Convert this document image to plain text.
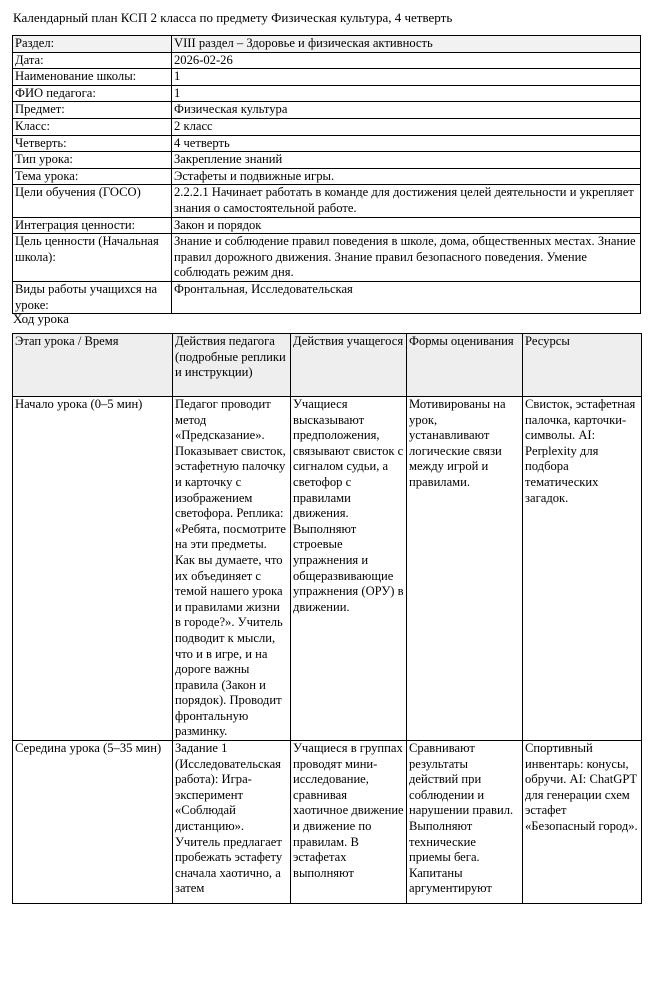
Календарный план КСП 2 класса по предмету Физическая культура, 4 четверть
Раздел:	VIII раздел – Здоровье и физическая активность
Дата:	2026-02-26
Наименование школы:	1
ФИО педагога:	1
Предмет:	Физическая культура
Класс:	2 класс
Четверть:	4 четверть
Тип урока:	Закрепление знаний
Тема урока:	Эстафеты и подвижные игры.
Цели обучения (ГОСО)	2.2.2.1 Начинает работать в команде для достижения целей деятельности и укрепляет знания о самостоятельной работе.
Интеграция ценности:	Закон и порядок
Цель ценности (Начальная школа):	Знание и соблюдение правил поведения в школе, дома, общественных местах. Знание правил дорожного движения. Знание правил безопасного поведения. Умение соблюдать режим дня.
Виды работы учащихся на уроке:	Фронтальная, Исследовательская
Ход урока
Этап урока / Время	Действия педагога (подробные реплики и инструкции)	Действия учащегося	Формы оценивания	Ресурсы

Начало урока (0–5 мин)	Педагог проводит метод «Предсказание». Показывает свисток, эстафетную палочку и карточку с изображением светофора. Реплика: «Ребята, посмотрите на эти предметы. Как вы думаете, что их объединяет с темой нашего урока и правилами жизни в городе?». Учитель подводит к мысли, что и в игре, и на дороге важны правила (Закон и порядок). Проводит фронтальную разминку.	Учащиеся высказывают предположения, связывают свисток с сигналом судьи, а светофор с правилами движения. Выполняют строевые упражнения и общеразвивающие упражнения (ОРУ) в движении.	Мотивированы на урок, устанавливают логические связи между игрой и правилами.	Свисток, эстафетная палочка, карточки-символы. AI: Perplexity для подбора тематических загадок.

Середина урока (5–35 мин)	Задание 1 (Исследовательская работа): Игра-эксперимент «Соблюдай дистанцию». Учитель предлагает пробежать эстафету сначала хаотично, а затем	Учащиеся в группах проводят мини-исследование, сравнивая хаотичное движение и движение по правилам. В эстафетах выполняют	Сравнивают результаты действий при соблюдении и нарушении правил. Выполняют технические приемы бега. Капитаны аргументируют	Спортивный инвентарь: конусы, обручи. AI: ChatGPT для генерации схем эстафет «Безопасный город».
